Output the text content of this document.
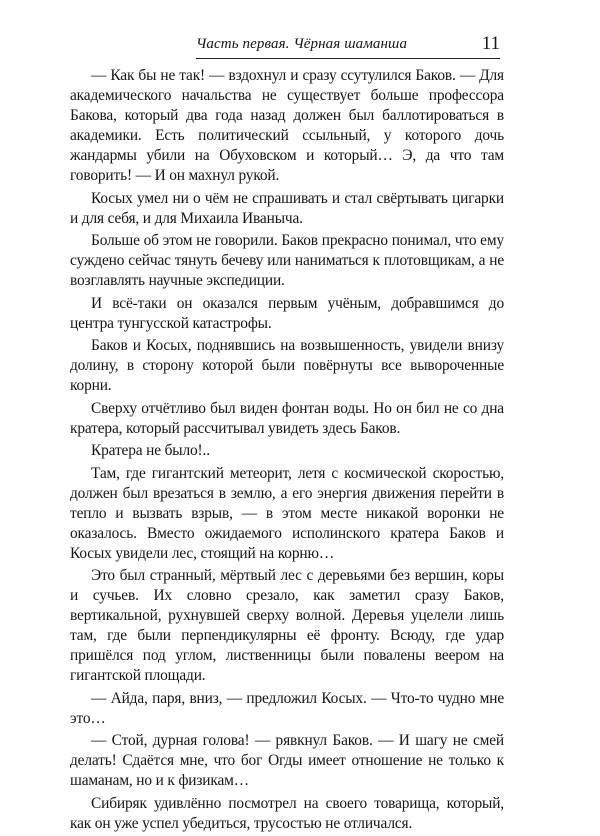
Часть первая. Чёрная шаманша	11

— Как бы не так! — вздохнул и сразу ссутулился Баков. — Для академического начальства не существует больше профессора Бакова, который два года назад должен был баллотироваться в академики. Есть политический ссыльный, у которого дочь жандармы убили на Обуховском и который… Э, да что там говорить! — И он махнул рукой.

Косых умел ни о чём не спрашивать и стал свёртывать цигарки и для себя, и для Михаила Иваныча.

Больше об этом не говорили. Баков прекрасно понимал, что ему суждено сейчас тянуть бечеву или наниматься к плотовщикам, а не возглавлять научные экспедиции.

И всё-таки он оказался первым учёным, добравшимся до центра тунгусской катастрофы.

Баков и Косых, поднявшись на возвышенность, увидели внизу долину, в сторону которой были повёрнуты все вывороченные корни.

Сверху отчётливо был виден фонтан воды. Но он бил не со дна кратера, который рассчитывал увидеть здесь Баков.

Кратера не было!..

Там, где гигантский метеорит, летя с космической скоростью, должен был врезаться в землю, а его энергия движения перейти в тепло и вызвать взрыв, — в этом месте никакой воронки не оказалось. Вместо ожидаемого исполинского кратера Баков и Косых увидели лес, стоящий на корню…

Это был странный, мёртвый лес с деревьями без вершин, коры и сучьев. Их словно срезало, как заметил сразу Баков, вертикальной, рухнувшей сверху волной. Деревья уцелели лишь там, где были перпендикулярны её фронту. Всюду, где удар пришёлся под углом, лиственницы были повалены веером на гигантской площади.

— Айда, паря, вниз, — предложил Косых. — Что-то чудно мне это…

— Стой, дурная голова! — рявкнул Баков. — И шагу не смей делать! Сдаётся мне, что бог Огды имеет отношение не только к шаманам, но и к физикам…

Сибиряк удивлённо посмотрел на своего товарища, который, как он уже успел убедиться, трусостью не отличался.
